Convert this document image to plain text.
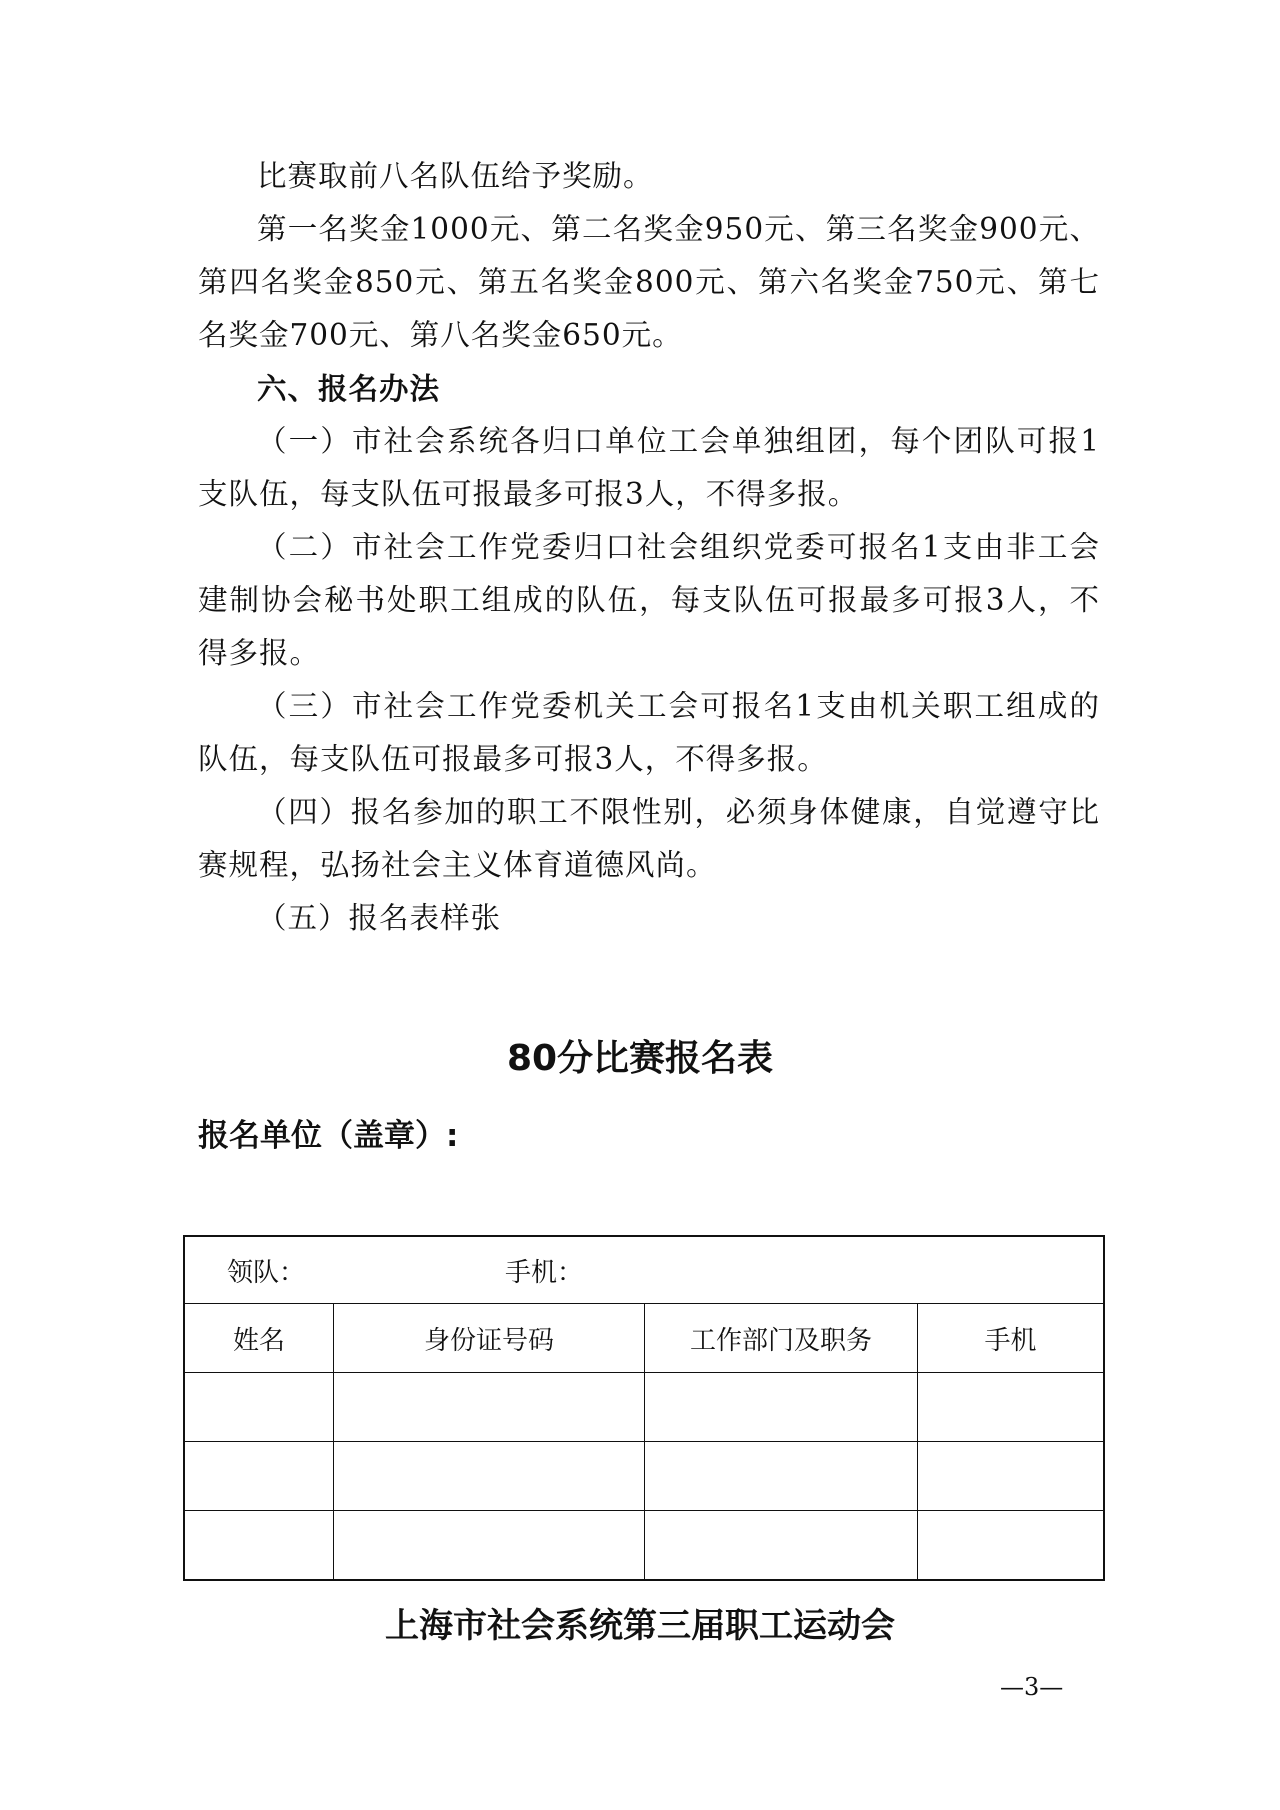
比赛取前八名队伍给予奖励。

第一名奖金1000元、第二名奖金950元、第三名奖金900元、第四名奖金850元、第五名奖金800元、第六名奖金750元、第七名奖金700元、第八名奖金650元。

六、报名办法

（一）市社会系统各归口单位工会单独组团，每个团队可报1支队伍，每支队伍可报最多可报3人，不得多报。

（二）市社会工作党委归口社会组织党委可报名1支由非工会建制协会秘书处职工组成的队伍，每支队伍可报最多可报3人，不得多报。

（三）市社会工作党委机关工会可报名1支由机关职工组成的队伍，每支队伍可报最多可报3人，不得多报。

（四）报名参加的职工不限性别，必须身体健康，自觉遵守比赛规程，弘扬社会主义体育道德风尚。

（五）报名表样张

80分比赛报名表
报名单位（盖章）:
领队： 手机：			
姓名	身份证号码	工作部门及职务	手机

上海市社会系统第三届职工运动会
—3—
